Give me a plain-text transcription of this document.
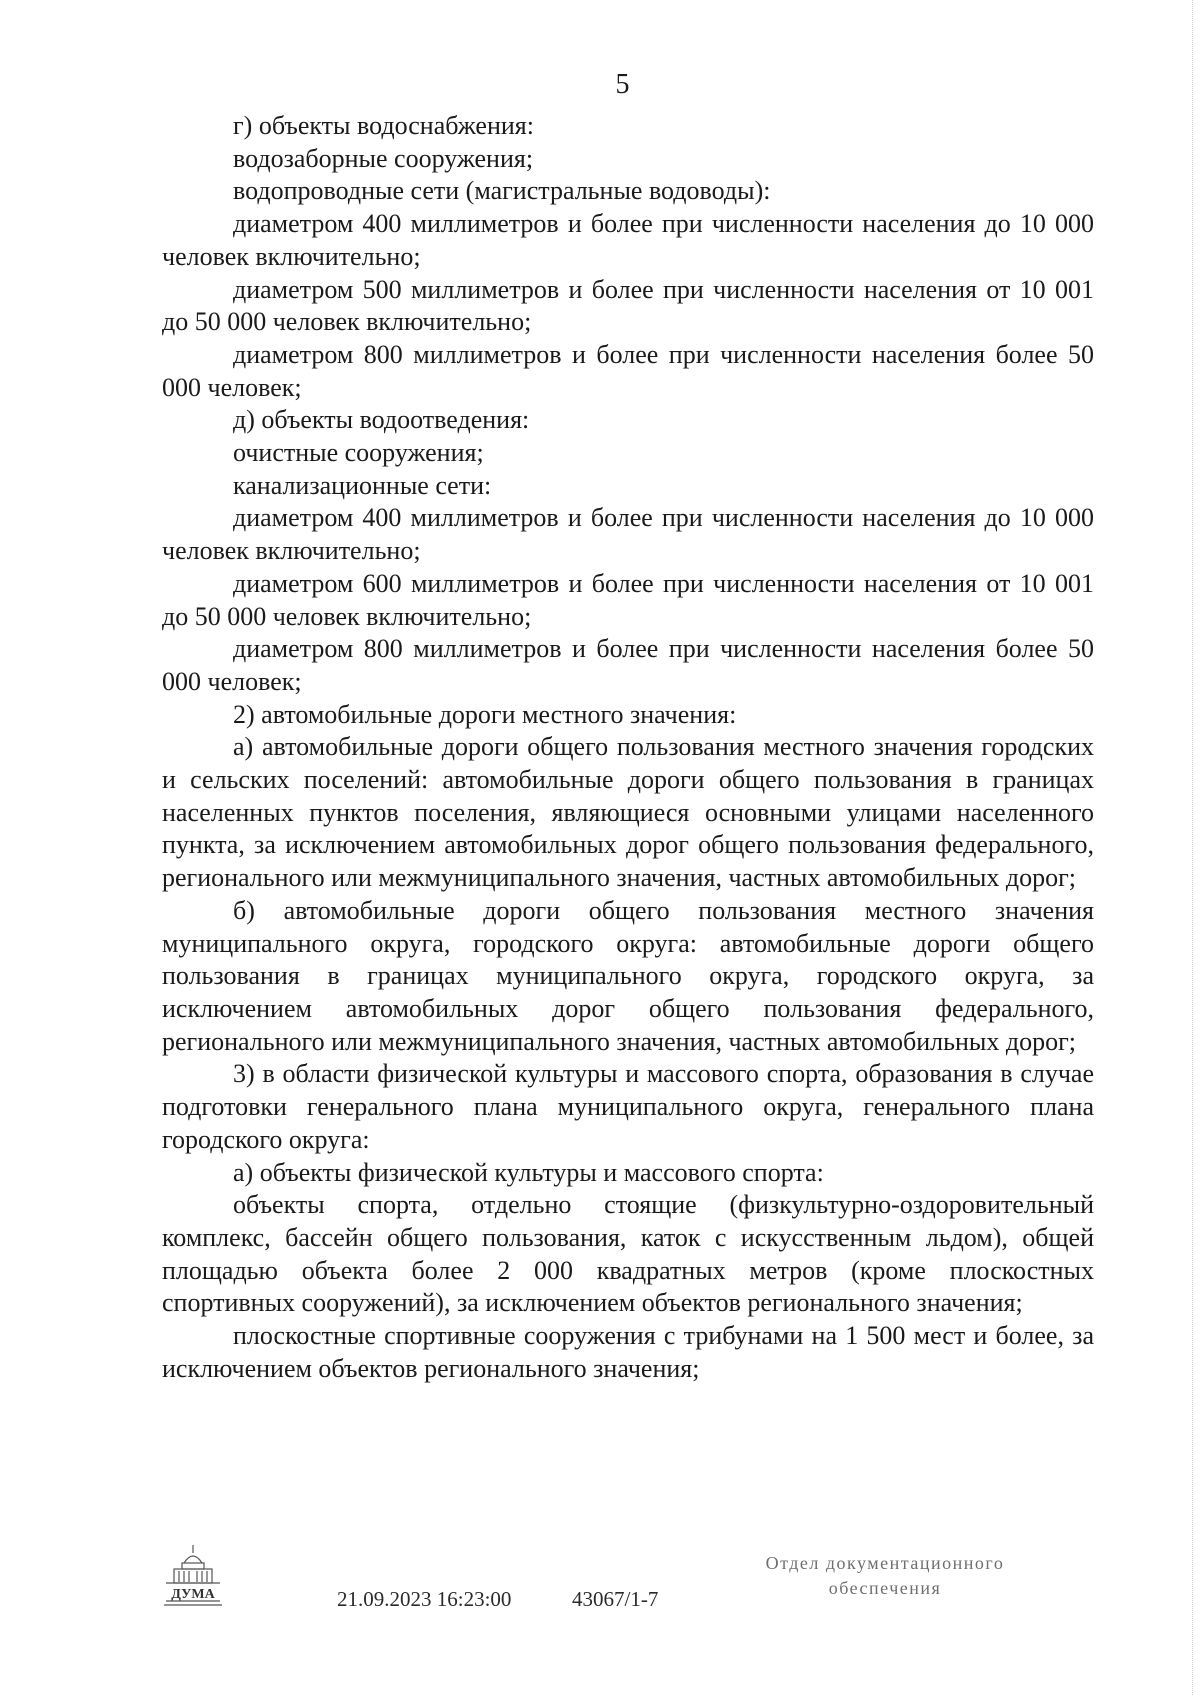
5

г) объекты водоснабжения:

водозаборные сооружения;

водопроводные сети (магистральные водоводы):

диаметром 400 миллиметров и более при численности населения до 10 000 человек включительно;

диаметром 500 миллиметров и более при численности населения от 10 001 до 50 000 человек включительно;

диаметром 800 миллиметров и более при численности населения более 50 000 человек;

д) объекты водоотведения:

очистные сооружения;

канализационные сети:

диаметром 400 миллиметров и более при численности населения до 10 000 человек включительно;

диаметром 600 миллиметров и более при численности населения от 10 001 до 50 000 человек включительно;

диаметром 800 миллиметров и более при численности населения более 50 000 человек;

2) автомобильные дороги местного значения:

а) автомобильные дороги общего пользования местного значения городских и сельских поселений: автомобильные дороги общего пользования в границах населенных пунктов поселения, являющиеся основными улицами населенного пункта, за исключением автомобильных дорог общего пользования федерального, регионального или межмуниципального значения, частных автомобильных дорог;

б) автомобильные дороги общего пользования местного значения муниципального округа, городского округа: автомобильные дороги общего пользования в границах муниципального округа, городского округа, за исключением автомобильных дорог общего пользования федерального, регионального или межмуниципального значения, частных автомобильных дорог;

3) в области физической культуры и массового спорта, образования в случае подготовки генерального плана муниципального округа, генерального плана городского округа:

а) объекты физической культуры и массового спорта:

объекты спорта, отдельно стоящие (физкультурно-оздоровительный комплекс, бассейн общего пользования, каток с искусственным льдом), общей площадью объекта более 2 000 квадратных метров (кроме плоскостных спортивных сооружений), за исключением объектов регионального значения;

плоскостные спортивные сооружения с трибунами на 1 500 мест и более, за исключением объектов регионального значения;

ДУМА	21.09.2023 16:23:00	43067/1-7
Отдел документационного
обеспечения
